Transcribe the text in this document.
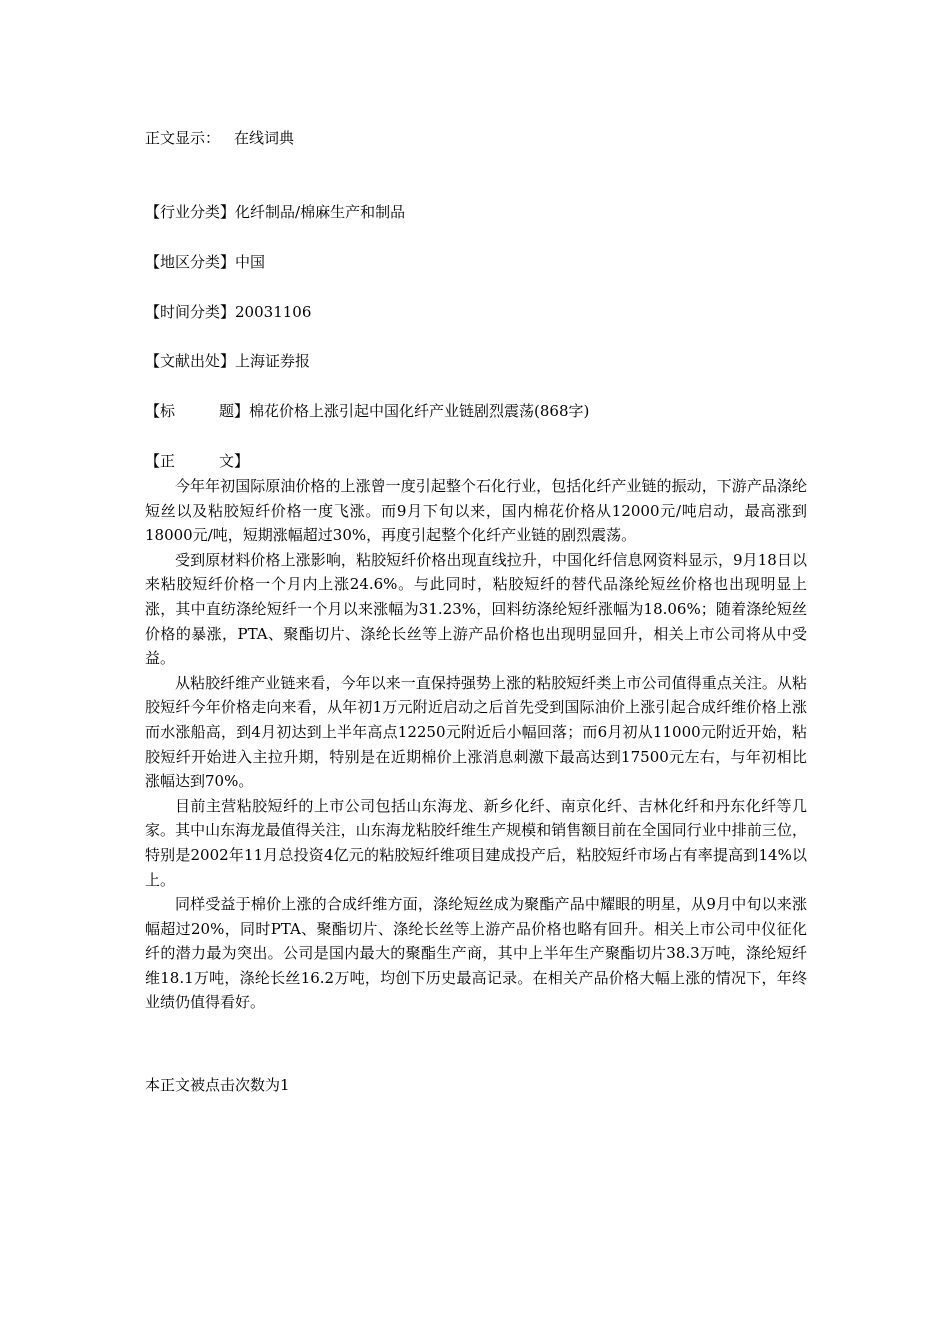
正文显示： 在线词典
【行业分类】化纤制品/棉麻生产和制品
【地区分类】中国
【时间分类】20031106
【文献出处】上海证券报
【标	题】棉花价格上涨引起中国化纤产业链剧烈震荡(868字)
【正	文】

今年年初国际原油价格的上涨曾一度引起整个石化行业，包括化纤产业链的振动，下游产品涤纶短丝以及粘胶短纤价格一度飞涨。而9月下旬以来，国内棉花价格从12000元/吨启动，最高涨到18000元/吨，短期涨幅超过30%，再度引起整个化纤产业链的剧烈震荡。

受到原材料价格上涨影响，粘胶短纤价格出现直线拉升，中国化纤信息网资料显示，9月18日以来粘胶短纤价格一个月内上涨24.6%。与此同时，粘胶短纤的替代品涤纶短丝价格也出现明显上涨，其中直纺涤纶短纤一个月以来涨幅为31.23%，回料纺涤纶短纤涨幅为18.06%；随着涤纶短丝价格的暴涨，PTA、聚酯切片、涤纶长丝等上游产品价格也出现明显回升，相关上市公司将从中受益。

从粘胶纤维产业链来看，今年以来一直保持强势上涨的粘胶短纤类上市公司值得重点关注。从粘胶短纤今年价格走向来看，从年初1万元附近启动之后首先受到国际油价上涨引起合成纤维价格上涨而水涨船高，到4月初达到上半年高点12250元附近后小幅回落；而6月初从11000元附近开始，粘胶短纤开始进入主拉升期，特别是在近期棉价上涨消息刺激下最高达到17500元左右，与年初相比涨幅达到70%。

目前主营粘胶短纤的上市公司包括山东海龙、新乡化纤、南京化纤、吉林化纤和丹东化纤等几家。其中山东海龙最值得关注，山东海龙粘胶纤维生产规模和销售额目前在全国同行业中排前三位，特别是2002年11月总投资4亿元的粘胶短纤维项目建成投产后，粘胶短纤市场占有率提高到14%以上。

同样受益于棉价上涨的合成纤维方面，涤纶短丝成为聚酯产品中耀眼的明星，从9月中旬以来涨幅超过20%，同时PTA、聚酯切片、涤纶长丝等上游产品价格也略有回升。相关上市公司中仪征化纤的潜力最为突出。公司是国内最大的聚酯生产商，其中上半年生产聚酯切片38.3万吨，涤纶短纤维18.1万吨，涤纶长丝16.2万吨，均创下历史最高记录。在相关产品价格大幅上涨的情况下，年终业绩仍值得看好。

本正文被点击次数为1
